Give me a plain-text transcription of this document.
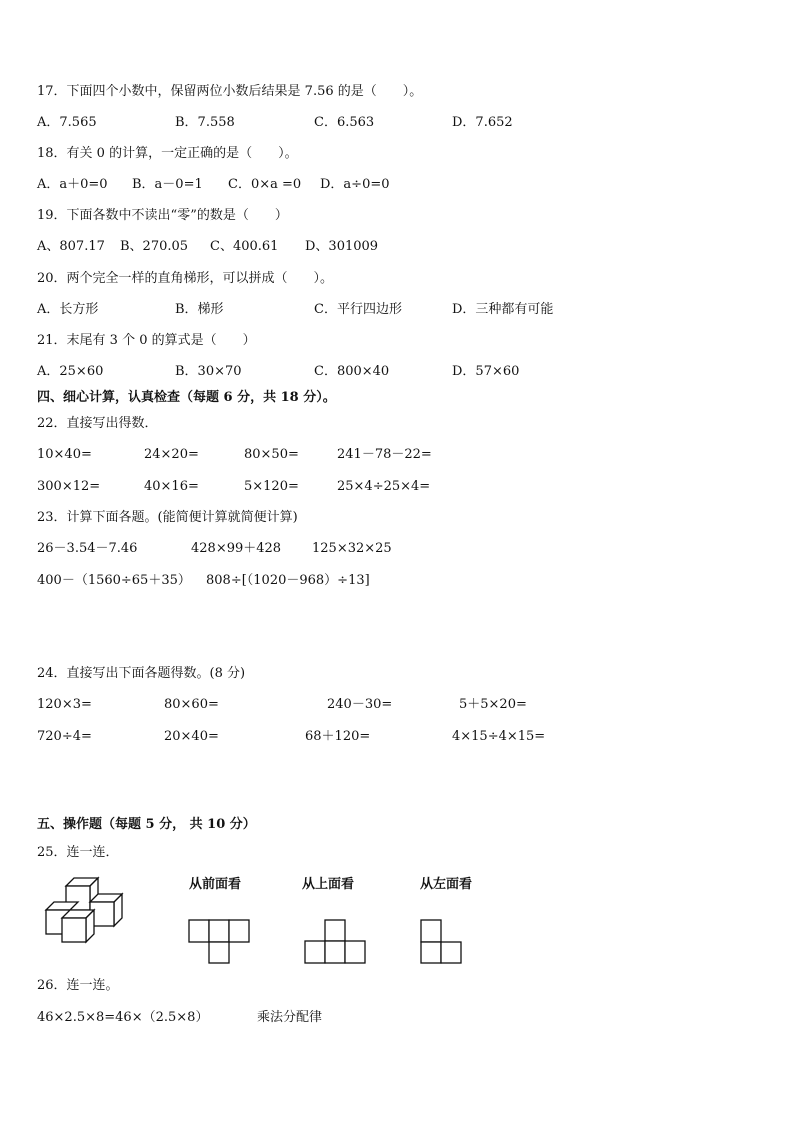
17．下面四个小数中，保留两位小数后结果是 7.56 的是（　　）。
A．7.565	B．7.558	C．6.563	D．7.652
18．有关 0 的计算，一定正确的是（　　）。
A．a＋0=0 B．a－0=1 C．0×a =0 D．a÷0=0
19．下面各数中不读出“零”的数是（　　）
A、807.17 B、270.05 C、400.61 D、301009
20．两个完全一样的直角梯形，可以拼成（　　）。
A．长方形	B．梯形	C．平行四边形	D．三种都有可能
21．末尾有 3 个 0 的算式是（　　）
A．25×60	B．30×70	C．800×40	D．57×60
四、细心计算，认真检查（每题 6 分，共 18 分）。
22．直接写出得数．
10×40=	24×20=	80×50=	241－78－22=
300×12=	40×16=	5×120=	25×4÷25×4=
23．计算下面各题。(能简便计算就简便计算)
26－3.54－7.46	428×99＋428 125×32×25
400－（1560÷65＋35） 808÷[（1020－968）÷13]
24．直接写出下面各题得数。(8 分)
120×3=	80×60=	240－30=	5＋5×20=
720÷4=	20×40=	68＋120=	4×15÷4×15=
五、操作题（每题 5 分， 共 10 分）
25．连一连．
从前面看	从上面看	从左面看
26．连一连。
46×2.5×8=46×（2.5×8）	乘法分配律
